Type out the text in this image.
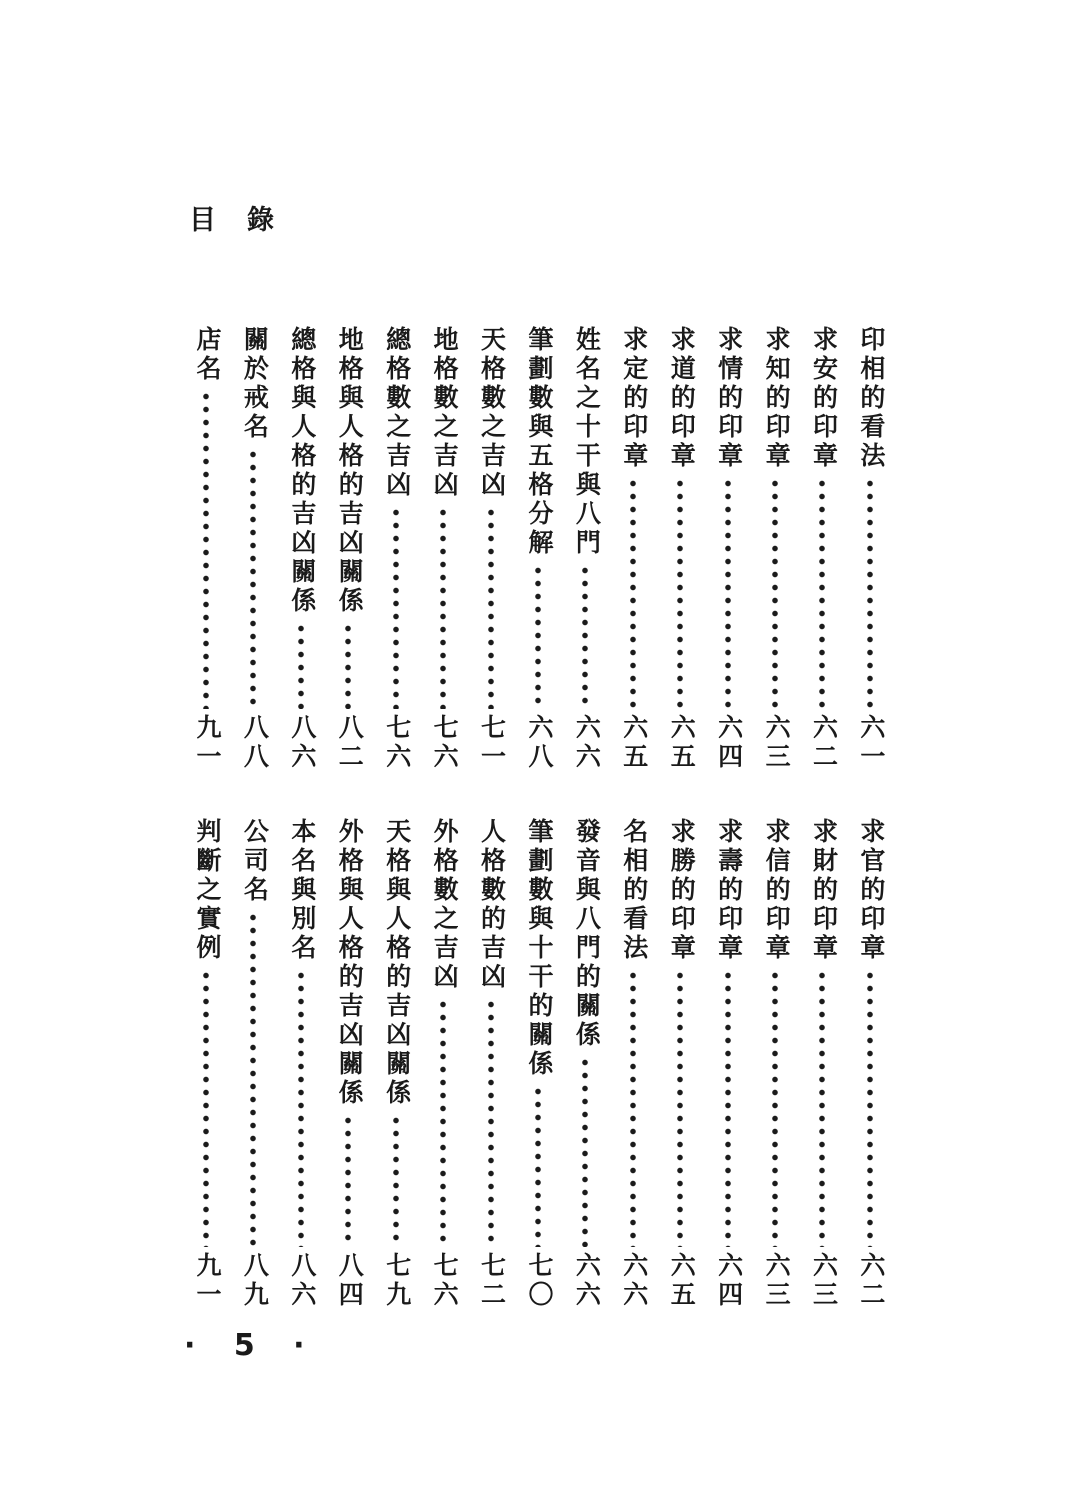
目　錄
印相的看法
六一
求安的印章
六二
求知的印章
六三
求情的印章
六四
求道的印章
六五
求定的印章
六五
姓名之十干與八門
六六
筆劃數與五格分解
六八
天格數之吉凶
七一
地格數之吉凶
七六
總格數之吉凶
七六
地格與人格的吉凶關係
八二
總格與人格的吉凶關係
八六
關於戒名
八八
店名
九一
求官的印章
六二
求財的印章
六三
求信的印章
六三
求壽的印章
六四
求勝的印章
六五
名相的看法
六六
發音與八門的關係
六六
筆劃數與十干的關係
七〇
人格數的吉凶
七二
外格數之吉凶
七六
天格與人格的吉凶關係
七九
外格與人格的吉凶關係
八四
本名與別名
八六
公司名
八九
判斷之實例
九一
· 5 ·
